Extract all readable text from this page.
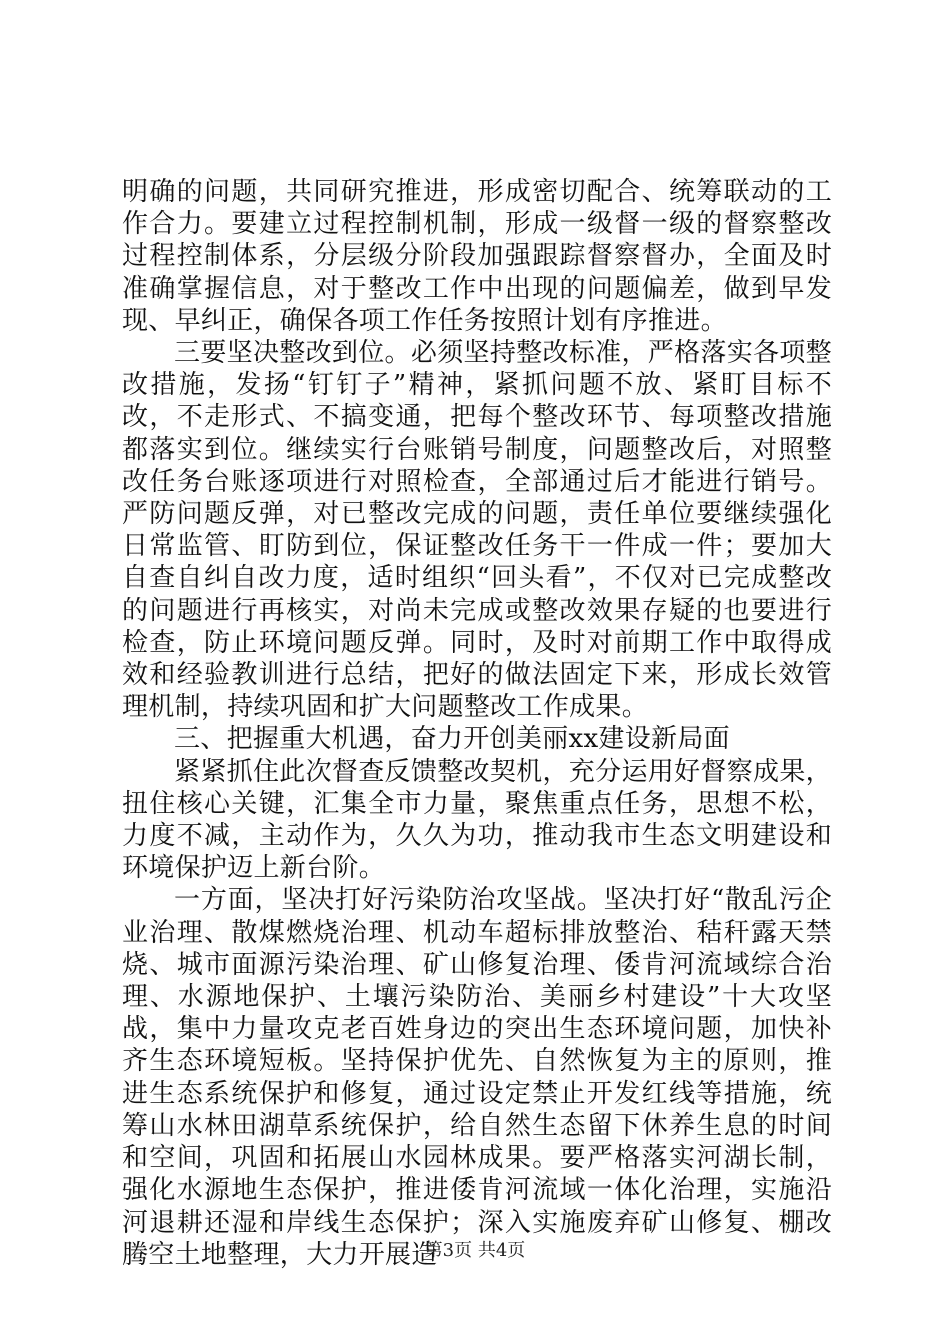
明确的问题，共同研究推进，形成密切配合、统筹联动的工作合力。要建立过程控制机制，形成一级督一级的督察整改过程控制体系，分层级分阶段加强跟踪督察督办，全面及时准确掌握信息，对于整改工作中出现的问题偏差，做到早发现、早纠正，确保各项工作任务按照计划有序推进。

三要坚决整改到位。必须坚持整改标准，严格落实各项整改措施，发扬“钉钉子”精神，紧抓问题不放、紧盯目标不改，不走形式、不搞变通，把每个整改环节、每项整改措施都落实到位。继续实行台账销号制度，问题整改后，对照整改任务台账逐项进行对照检查，全部通过后才能进行销号。严防问题反弹，对已整改完成的问题，责任单位要继续强化日常监管、盯防到位，保证整改任务干一件成一件；要加大自查自纠自改力度，适时组织“回头看”，不仅对已完成整改的问题进行再核实，对尚未完成或整改效果存疑的也要进行检查，防止环境问题反弹。同时，及时对前期工作中取得成效和经验教训进行总结，把好的做法固定下来，形成长效管理机制，持续巩固和扩大问题整改工作成果。

三、把握重大机遇，奋力开创美丽xx建设新局面

紧紧抓住此次督查反馈整改契机，充分运用好督察成果，扭住核心关键，汇集全市力量，聚焦重点任务，思想不松，力度不减，主动作为，久久为功，推动我市生态文明建设和环境保护迈上新台阶。

一方面，坚决打好污染防治攻坚战。坚决打好“散乱污企业治理、散煤燃烧治理、机动车超标排放整治、秸秆露天禁烧、城市面源污染治理、矿山修复治理、倭肯河流域综合治理、水源地保护、土壤污染防治、美丽乡村建设”十大攻坚战，集中力量攻克老百姓身边的突出生态环境问题，加快补齐生态环境短板。坚持保护优先、自然恢复为主的原则，推进生态系统保护和修复，通过设定禁止开发红线等措施，统筹山水林田湖草系统保护，给自然生态留下休养生息的时间和空间，巩固和拓展山水园林成果。要严格落实河湖长制，强化水源地生态保护，推进倭肯河流域一体化治理，实施沿河退耕还湿和岸线生态保护；深入实施废弃矿山修复、棚改腾空土地整理，大力开展造

第3页 共4页
